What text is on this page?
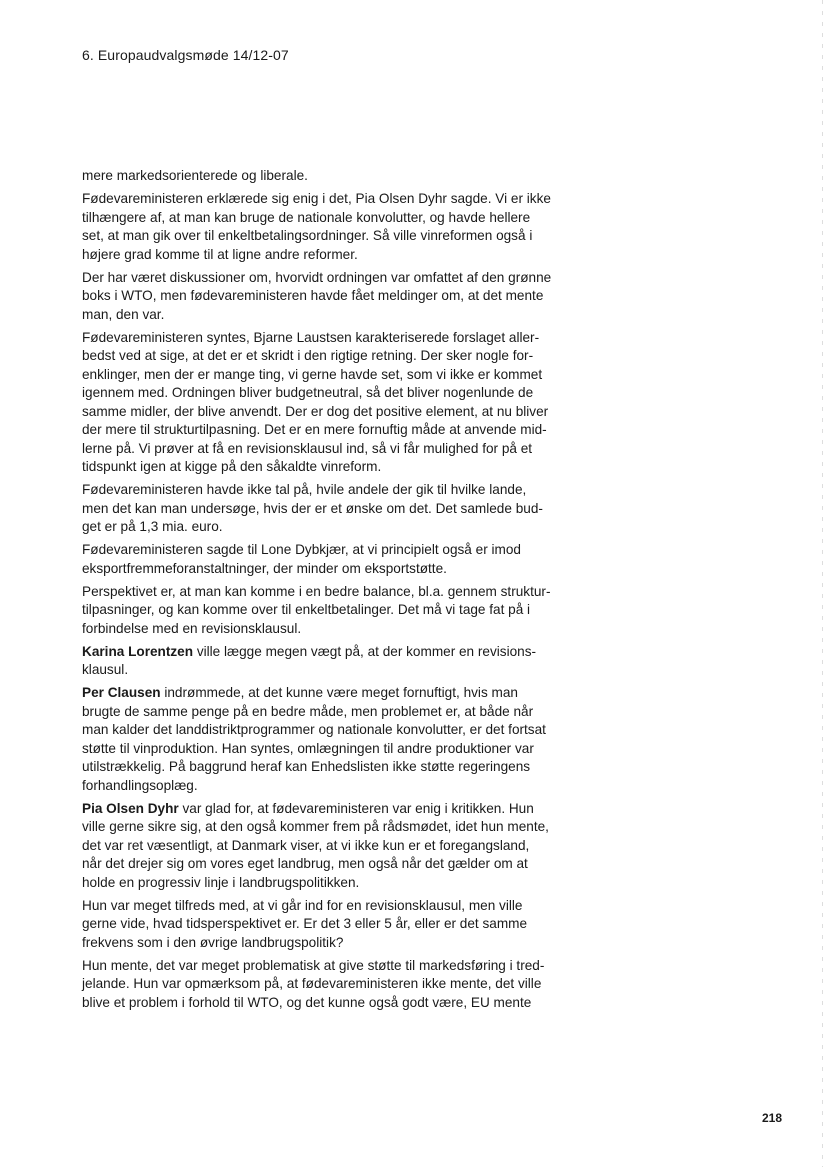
6. Europaudvalgsmøde 14/12-07

mere markedsorienterede og liberale.

Fødevareministeren erklærede sig enig i det, Pia Olsen Dyhr sagde. Vi er ikke
tilhængere af, at man kan bruge de nationale konvolutter, og havde hellere
set, at man gik over til enkeltbetalingsordninger. Så ville vinreformen også i
højere grad komme til at ligne andre reformer.

Der har været diskussioner om, hvorvidt ordningen var omfattet af den grønne
boks i WTO, men fødevareministeren havde fået meldinger om, at det mente
man, den var.

Fødevareministeren syntes, Bjarne Laustsen karakteriserede forslaget aller-
bedst ved at sige, at det er et skridt i den rigtige retning. Der sker nogle for-
enklinger, men der er mange ting, vi gerne havde set, som vi ikke er kommet
igennem med. Ordningen bliver budgetneutral, så det bliver nogenlunde de
samme midler, der blive anvendt. Der er dog det positive element, at nu bliver
der mere til strukturtilpasning. Det er en mere fornuftig måde at anvende mid-
lerne på. Vi prøver at få en revisionsklausul ind, så vi får mulighed for på et
tidspunkt igen at kigge på den såkaldte vinreform.

Fødevareministeren havde ikke tal på, hvile andele der gik til hvilke lande,
men det kan man undersøge, hvis der er et ønske om det. Det samlede bud-
get er på 1,3 mia. euro.

Fødevareministeren sagde til Lone Dybkjær, at vi principielt også er imod
eksportfremmeforanstaltninger, der minder om eksportstøtte.

Perspektivet er, at man kan komme i en bedre balance, bl.a. gennem struktur-
tilpasninger, og kan komme over til enkeltbetalinger. Det må vi tage fat på i
forbindelse med en revisionsklausul.

Karina Lorentzen ville lægge megen vægt på, at der kommer en revisions-
klausul.

Per Clausen indrømmede, at det kunne være meget fornuftigt, hvis man
brugte de samme penge på en bedre måde, men problemet er, at både når
man kalder det landdistriktprogrammer og nationale konvolutter, er det fortsat
støtte til vinproduktion. Han syntes, omlægningen til andre produktioner var
utilstrækkelig. På baggrund heraf kan Enhedslisten ikke støtte regeringens
forhandlingsoplæg.

Pia Olsen Dyhr var glad for, at fødevareministeren var enig i kritikken. Hun
ville gerne sikre sig, at den også kommer frem på rådsmødet, idet hun mente,
det var ret væsentligt, at Danmark viser, at vi ikke kun er et foregangsland,
når det drejer sig om vores eget landbrug, men også når det gælder om at
holde en progressiv linje i landbrugspolitikken.

Hun var meget tilfreds med, at vi går ind for en revisionsklausul, men ville
gerne vide, hvad tidsperspektivet er. Er det 3 eller 5 år, eller er det samme
frekvens som i den øvrige landbrugspolitik?

Hun mente, det var meget problematisk at give støtte til markedsføring i tred-
jelande. Hun var opmærksom på, at fødevareministeren ikke mente, det ville
blive et problem i forhold til WTO, og det kunne også godt være, EU mente

218
